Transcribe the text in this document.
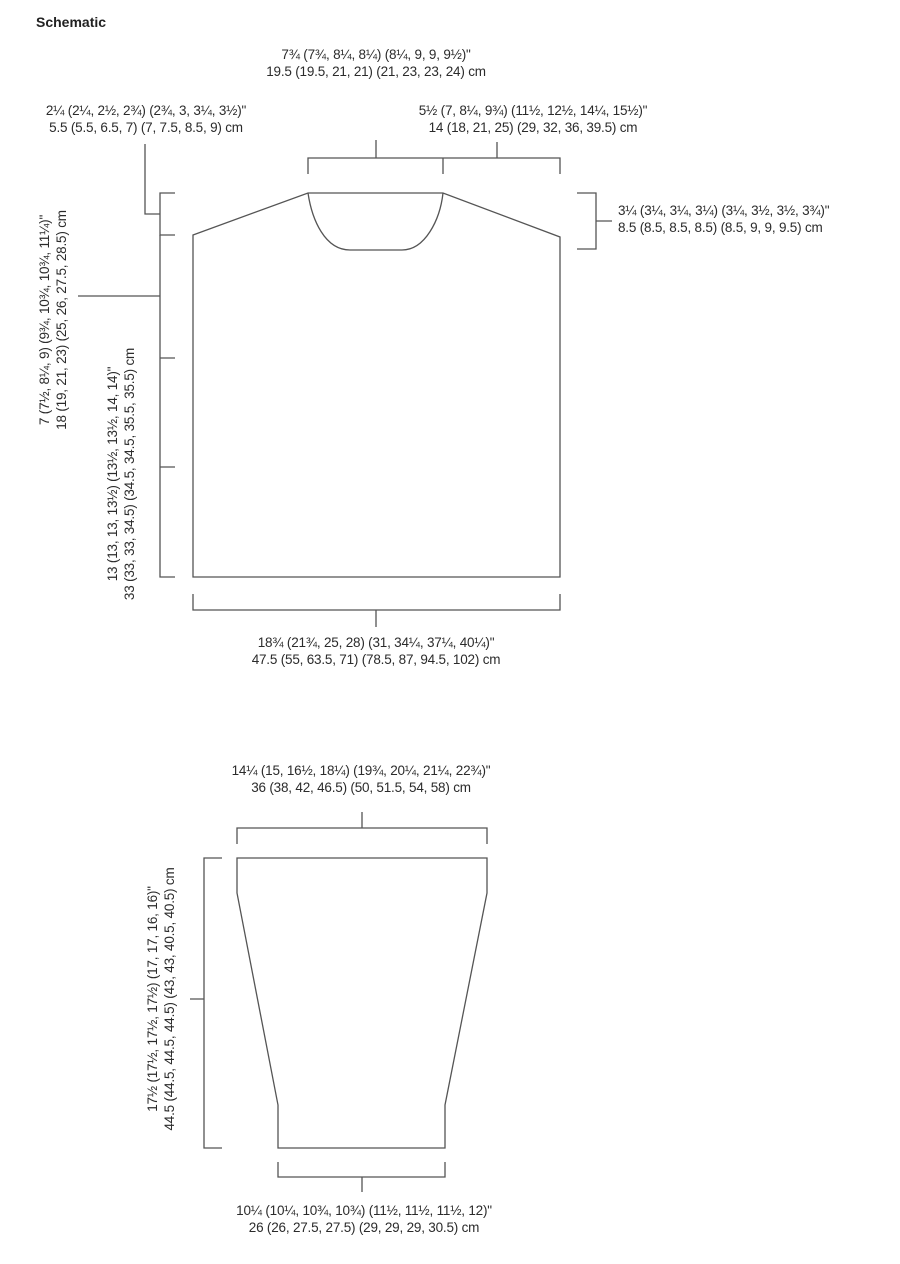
Schematic
7¾ (7¾, 8¼, 8¼) (8¼, 9, 9, 9½)"
19.5 (19.5, 21, 21) (21, 23, 23, 24) cm
2¼ (2¼, 2½, 2¾) (2¾, 3, 3¼, 3½)"
5.5 (5.5, 6.5, 7) (7, 7.5, 8.5, 9) cm
5½ (7, 8¼, 9¾) (11½, 12½, 14¼, 15½)"
14 (18, 21, 25) (29, 32, 36, 39.5) cm
3¼ (3¼, 3¼, 3¼) (3¼, 3½, 3½, 3¾)"
8.5 (8.5, 8.5, 8.5) (8.5, 9, 9, 9.5) cm
7 (7½, 8¼, 9) (9¾, 10¾, 10¾, 11¼)" 18 (19, 21, 23) (25, 26, 27.5, 28.5) cm
13 (13, 13, 13½) (13½, 13½, 14, 14)" 33 (33, 33, 34.5) (34.5, 34.5, 35.5, 35.5) cm
18¾ (21¾, 25, 28) (31, 34¼, 37¼, 40¼)"
47.5 (55, 63.5, 71) (78.5, 87, 94.5, 102) cm
14¼ (15, 16½, 18¼) (19¾, 20¼, 21¼, 22¾)"
36 (38, 42, 46.5) (50, 51.5, 54, 58) cm
17½ (17½, 17½, 17½) (17, 17, 16, 16)" 44.5 (44.5, 44.5, 44.5) (43, 43, 40.5, 40.5) cm
10¼ (10¼, 10¾, 10¾) (11½, 11½, 11½, 12)"
26 (26, 27.5, 27.5) (29, 29, 29, 30.5) cm
